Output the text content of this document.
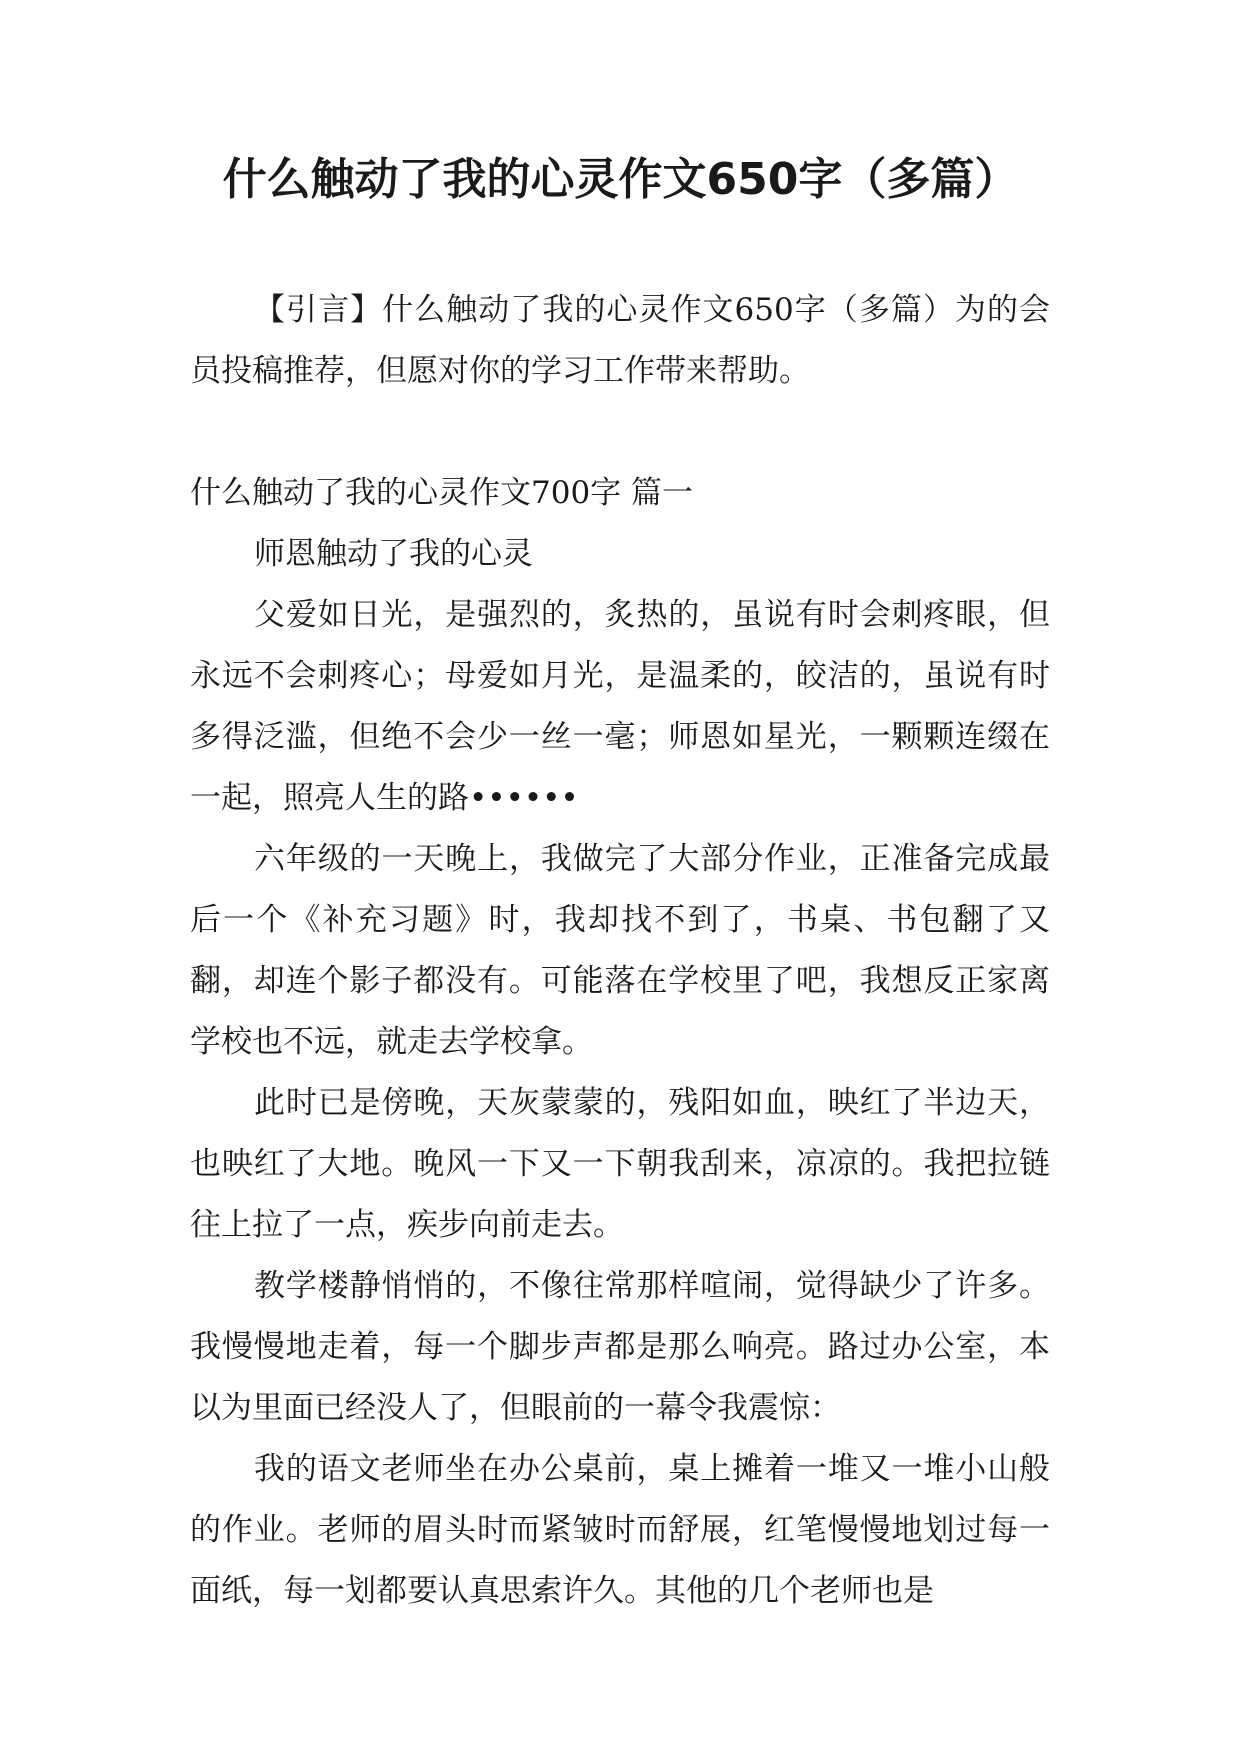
什么触动了我的心灵作文650字（多篇）

【引言】什么触动了我的心灵作文650字（多篇）为的会员投稿推荐，但愿对你的学习工作带来帮助。

什么触动了我的心灵作文700字 篇一

师恩触动了我的心灵

父爱如日光，是强烈的，炙热的，虽说有时会刺疼眼，但永远不会刺疼心；母爱如月光，是温柔的，皎洁的，虽说有时多得泛滥，但绝不会少一丝一毫；师恩如星光，一颗颗连缀在一起，照亮人生的路••••••

六年级的一天晚上，我做完了大部分作业，正准备完成最后一个《补充习题》时，我却找不到了，书桌、书包翻了又翻，却连个影子都没有。可能落在学校里了吧，我想反正家离学校也不远，就走去学校拿。

此时已是傍晚，天灰蒙蒙的，残阳如血，映红了半边天，也映红了大地。晚风一下又一下朝我刮来，凉凉的。我把拉链往上拉了一点，疾步向前走去。

教学楼静悄悄的，不像往常那样喧闹，觉得缺少了许多。我慢慢地走着，每一个脚步声都是那么响亮。路过办公室，本以为里面已经没人了，但眼前的一幕令我震惊：

我的语文老师坐在办公桌前，桌上摊着一堆又一堆小山般的作业。老师的眉头时而紧皱时而舒展，红笔慢慢地划过每一面纸，每一划都要认真思索许久。其他的几个老师也是
